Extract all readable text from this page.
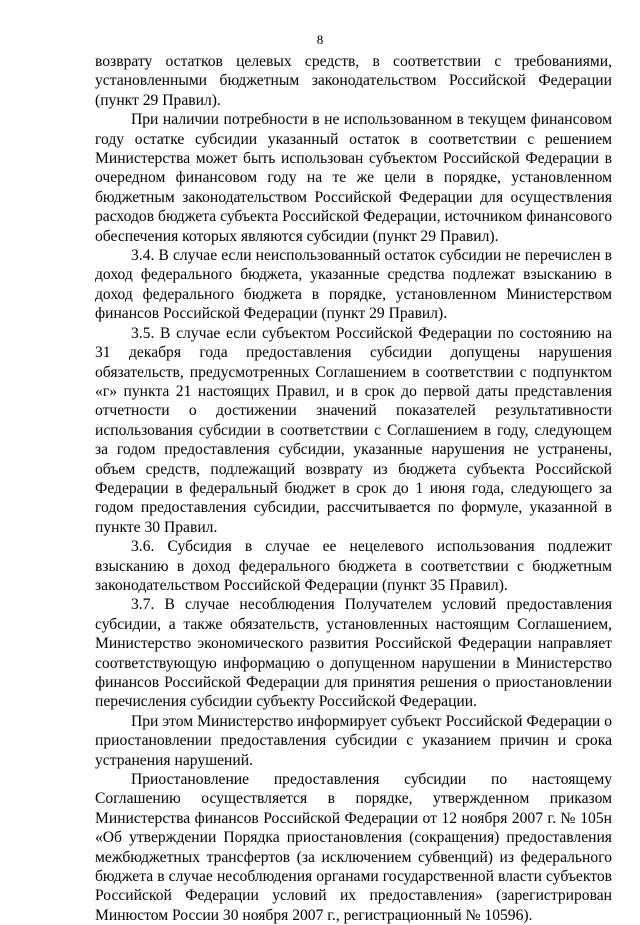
8

возврату остатков целевых средств, в соответствии с требованиями, установленными бюджетным законодательством Российской Федерации (пункт 29 Правил).

При наличии потребности в не использованном в текущем финансовом году остатке субсидии указанный остаток в соответствии с решением Министерства может быть использован субъектом Российской Федерации в очередном финансовом году на те же цели в порядке, установленном бюджетным законодательством Российской Федерации для осуществления расходов бюджета субъекта Российской Федерации, источником финансового обеспечения которых являются субсидии (пункт 29 Правил).

3.4. В случае если неиспользованный остаток субсидии не перечислен в доход федерального бюджета, указанные средства подлежат взысканию в доход федерального бюджета в порядке, установленном Министерством финансов Российской Федерации (пункт 29 Правил).

3.5. В случае если субъектом Российской Федерации по состоянию на 31 декабря года предоставления субсидии допущены нарушения обязательств, предусмотренных Соглашением в соответствии с подпунктом «г» пункта 21 настоящих Правил, и в срок до первой даты представления отчетности о достижении значений показателей результативности использования субсидии в соответствии с Соглашением в году, следующем за годом предоставления субсидии, указанные нарушения не устранены, объем средств, подлежащий возврату из бюджета субъекта Российской Федерации в федеральный бюджет в срок до 1 июня года, следующего за годом предоставления субсидии, рассчитывается по формуле, указанной в пункте 30 Правил.

3.6. Субсидия в случае ее нецелевого использования подлежит взысканию в доход федерального бюджета в соответствии с бюджетным законодательством Российской Федерации (пункт 35 Правил).

3.7. В случае несоблюдения Получателем условий предоставления субсидии, а также обязательств, установленных настоящим Соглашением, Министерство экономического развития Российской Федерации направляет соответствующую информацию о допущенном нарушении в Министерство финансов Российской Федерации для принятия решения о приостановлении перечисления субсидии субъекту Российской Федерации.

При этом Министерство информирует субъект Российской Федерации о приостановлении предоставления субсидии с указанием причин и срока устранения нарушений.

Приостановление предоставления субсидии по настоящему Соглашению осуществляется в порядке, утвержденном приказом Министерства финансов Российской Федерации от 12 ноября 2007 г. № 105н «Об утверждении Порядка приостановления (сокращения) предоставления межбюджетных трансфертов (за исключением субвенций) из федерального бюджета в случае несоблюдения органами государственной власти субъектов Российской Федерации условий их предоставления» (зарегистрирован Минюстом России 30 ноября 2007 г., регистрационный № 10596).
